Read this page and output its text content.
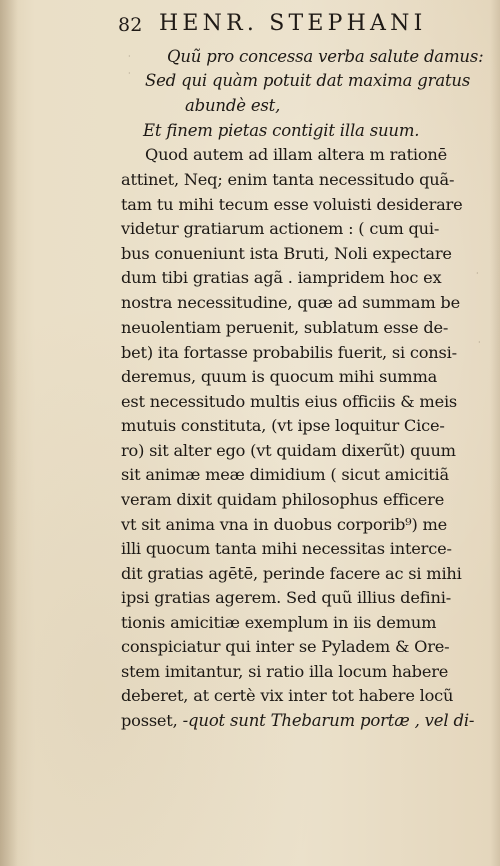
·
·
·
·
82 HENR. STEPHANI
Quũ pro concessa verba salute damus:
Sed qui quàm potuit dat maxima gratus
abundè est,
Et finem pietas contigit illa suum.
Quod autem ad illam altera m rationē
attinet, Neq; enim tanta necessitudo quã-
tam tu mihi tecum esse voluisti desiderare
videtur gratiarum actionem : ( cum qui-
bus conueniunt ista Bruti, Noli expectare
dum tibi gratias agã . iampridem hoc ex
nostra necessitudine, quæ ad summam be
neuolentiam peruenit, sublatum esse de-
bet) ita fortasse probabilis fuerit, si consi-
deremus, quum is quocum mihi summa
est necessitudo multis eius officiis & meis
mutuis constituta, (vt ipse loquitur Cice-
ro) sit alter ego (vt quidam dixerũt) quum
sit animæ meæ dimidium ( sicut amicitiã
veram dixit quidam philosophus efficere
vt sit anima vna in duobus corporib⁹) me
illi quocum tanta mihi necessitas interce-
dit gratias agētē, perinde facere ac si mihi
ipsi gratias agerem. Sed quũ illius defini-
tionis amicitiæ exemplum in iis demum
conspiciatur qui inter se Pyladem & Ore-
stem imitantur, si ratio illa locum habere
deberet, at certè vix inter tot habere locũ
posset, -quot sunt Thebarum portæ , vel di-
